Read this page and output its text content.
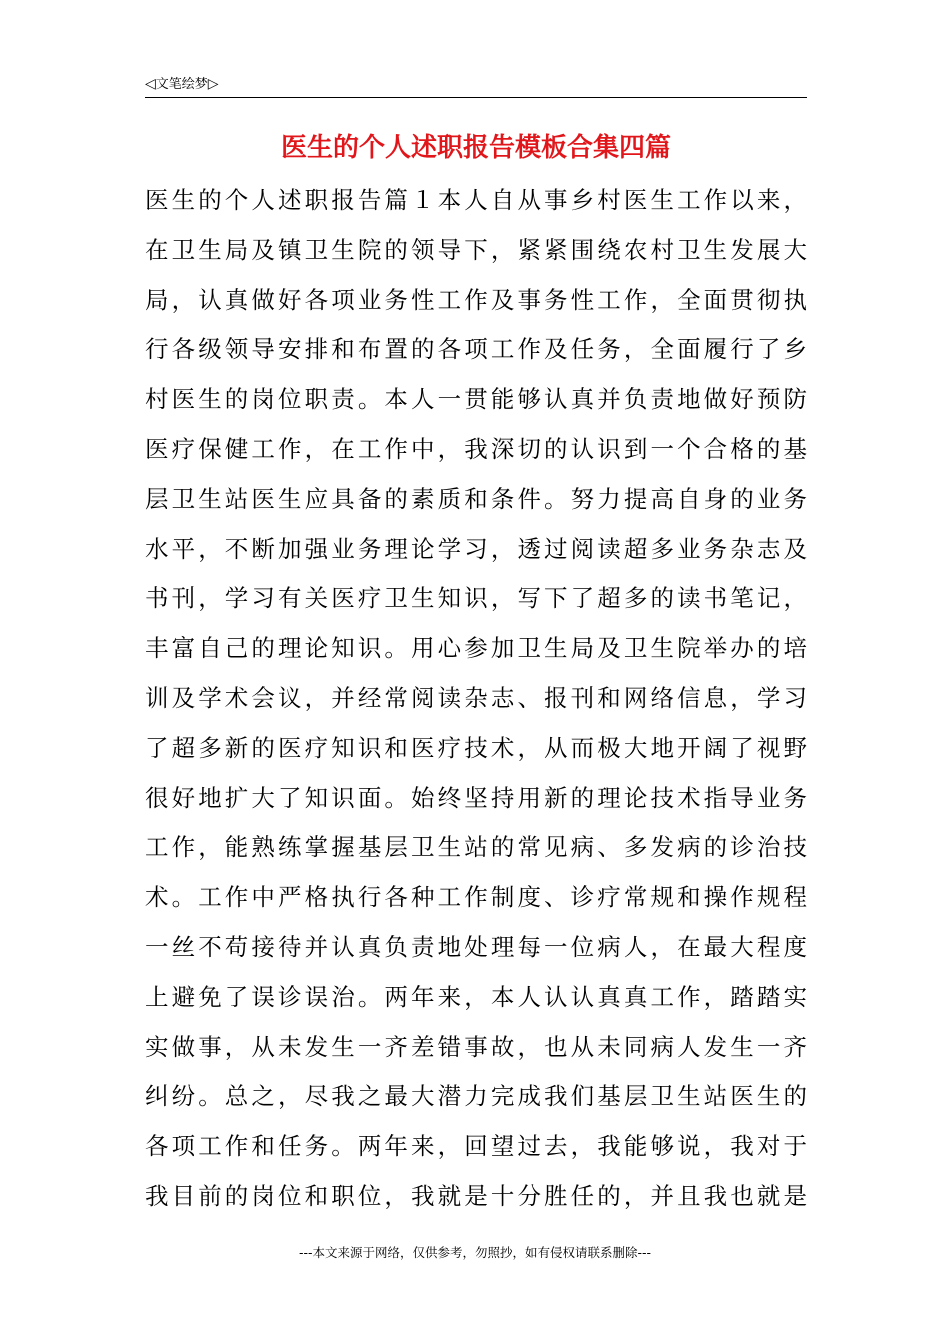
◁文笔绘梦▷
医生的个人述职报告模板合集四篇
医生的个人述职报告篇１本人自从事乡村医生工作以来，
在卫生局及镇卫生院的领导下，紧紧围绕农村卫生发展大
局，认真做好各项业务性工作及事务性工作，全面贯彻执
行各级领导安排和布置的各项工作及任务，全面履行了乡
村医生的岗位职责。本人一贯能够认真并负责地做好预防
医疗保健工作，在工作中，我深切的认识到一个合格的基
层卫生站医生应具备的素质和条件。努力提高自身的业务
水平，不断加强业务理论学习，透过阅读超多业务杂志及
书刊，学习有关医疗卫生知识，写下了超多的读书笔记，
丰富自己的理论知识。用心参加卫生局及卫生院举办的培
训及学术会议，并经常阅读杂志、报刊和网络信息，学习
了超多新的医疗知识和医疗技术，从而极大地开阔了视野
很好地扩大了知识面。始终坚持用新的理论技术指导业务
工作，能熟练掌握基层卫生站的常见病、多发病的诊治技
术。工作中严格执行各种工作制度、诊疗常规和操作规程
一丝不苟接待并认真负责地处理每一位病人，在最大程度
上避免了误诊误治。两年来，本人认认真真工作，踏踏实
实做事，从未发生一齐差错事故，也从未同病人发生一齐
纠纷。总之，尽我之最大潜力完成我们基层卫生站医生的
各项工作和任务。两年来，回望过去，我能够说，我对于
我目前的岗位和职位，我就是十分胜任的，并且我也就是
---本文来源于网络，仅供参考，勿照抄，如有侵权请联系删除---
